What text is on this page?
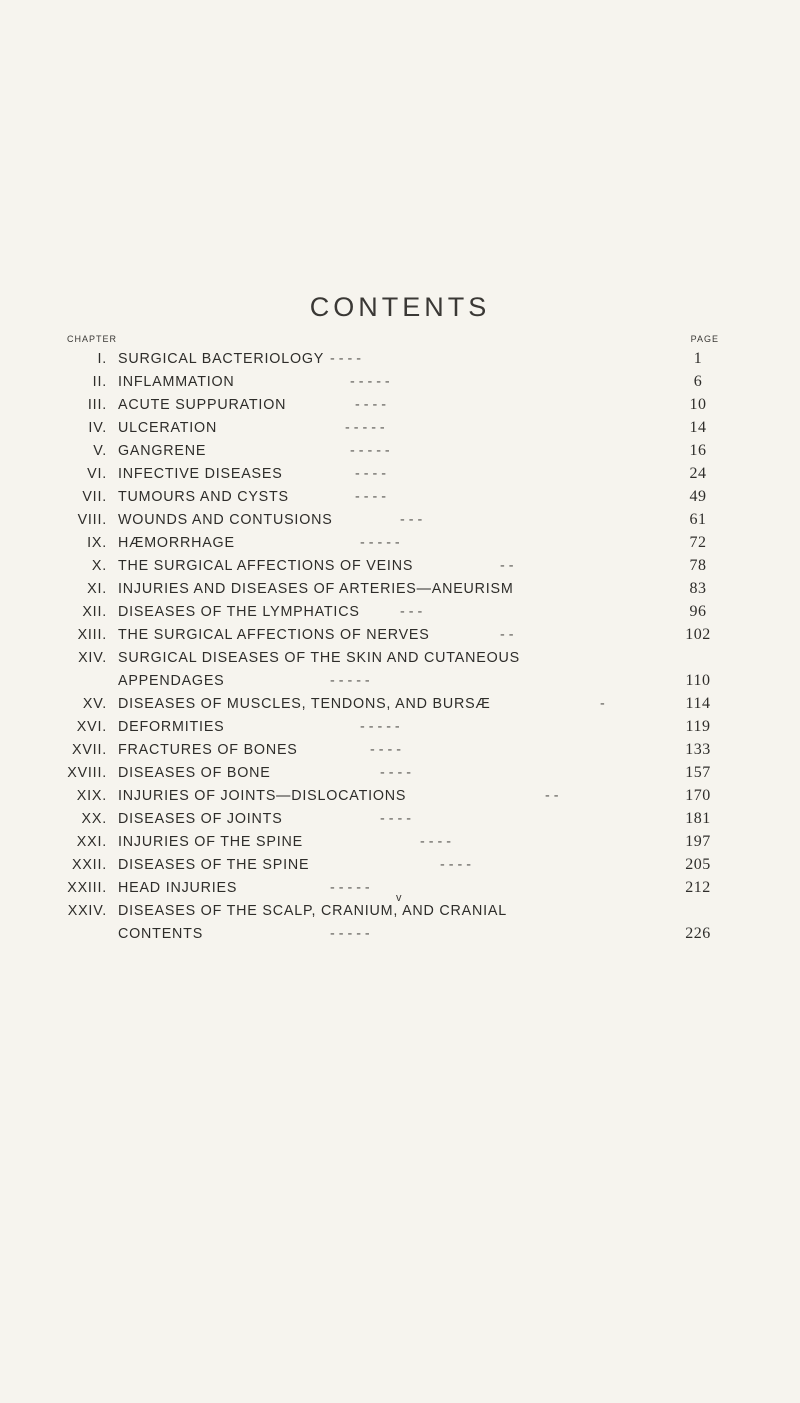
CONTENTS
CHAPTER	PAGE
I. SURGICAL BACTERIOLOGY - - - -	1
II. INFLAMMATION	- - - - -	6
III. ACUTE SUPPURATION	- - - -	10
IV. ULCERATION	- - - - -	14
V. GANGRENE	- - - - -	16
VI. INFECTIVE DISEASES	- - - -	24
VII. TUMOURS AND CYSTS	- - - -	49
VIII. WOUNDS AND CONTUSIONS	- - -	61
IX. HÆMORRHAGE	- - - - -	72
X. THE SURGICAL AFFECTIONS OF VEINS	- -	78
XI. INJURIES AND DISEASES OF ARTERIES—ANEURISM	83
XII. DISEASES OF THE LYMPHATICS	- - -	96
XIII. THE SURGICAL AFFECTIONS OF NERVES	- -	102
XIV. SURGICAL DISEASES OF THE SKIN AND CUTANEOUS
APPENDAGES	- - - - -	110
XV. DISEASES OF MUSCLES, TENDONS, AND BURSÆ	-	114
XVI. DEFORMITIES	- - - - -	119
XVII. FRACTURES OF BONES	- - - -	133
XVIII. DISEASES OF BONE	- - - -	157
XIX. INJURIES OF JOINTS—DISLOCATIONS	- -	170
XX. DISEASES OF JOINTS	- - - -	181
XXI. INJURIES OF THE SPINE	- - - -	197
XXII. DISEASES OF THE SPINE	- - - -	205
XXIII. HEAD INJURIES	- - - - -	212
XXIV. DISEASES OF THE SCALP, CRANIUM, AND CRANIAL
CONTENTS	- - - - -	226
v
